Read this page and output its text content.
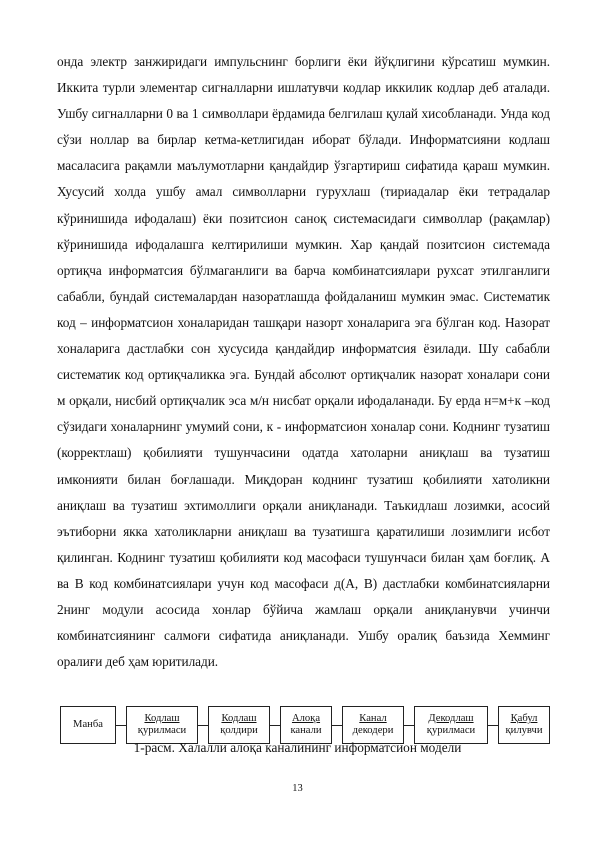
онда электр занжиридаги импульснинг борлиги ёки йўқлигини кўрсатиш мумкин. Иккита турли элементар сигналларни ишлатувчи кодлар иккилик кодлар деб аталади. Ушбу сигналларни 0 ва 1 символлари ёрдамида белгилаш қулай хисобланади. Унда код сўзи ноллар ва бирлар кетма-кетлигидан иборат бўлади. Информатсияни кодлаш масаласига рақамли маълумотларни қандайдир ўзгартириш сифатида қараш мумкин. Хусусий холда ушбу амал символларни гурухлаш (тириадалар ёки тетрадалар кўринишида ифодалаш) ёки позитсион саноқ системасидаги символлар (рақамлар) кўринишида ифодалашга келтирилиши мумкин. Хар қандай позитсион системада ортиқча информатсия бўлмаганлиги ва барча комбинатсиялари рухсат этилганлиги сабабли, бундай системалардан назоратлашда фойдаланиш мумкин эмас. Систематик код – информатсион хоналаридан ташқари назорт хоналарига эга бўлган код. Назорат хоналарига дастлабки сон хусусида қандайдир информатсия ёзилади. Шу сабабли систематик код ортиқчаликка эга. Бундай абсолют ортиқчалик назорат хоналари сони м орқали, нисбий ортиқчалик эса м/н нисбат орқали ифодаланади. Бу ерда н=м+к –код сўзидаги хоналарнинг умумий сони, к - информатсион хоналар сони. Коднинг тузатиш (корректлаш) қобилияти тушунчасини одатда хатоларни аниқлаш ва тузатиш имконияти билан боғлашади. Миқдоран коднинг тузатиш қобилияти хатоликни аниқлаш ва тузатиш эхтимоллиги орқали аниқланади. Таъкидлаш лозимки, асосий эътиборни якка хатоликларни аниқлаш ва тузатишга қаратилиши лозимлиги исбот қилинган. Коднинг тузатиш қобилияти код масофаси тушунчаси билан ҳам боғлиқ. А ва В код комбинатсиялари учун код масофаси д(А, В) дастлабки комбинатсияларни 2нинг модули асосида хонлар бўйича жамлаш орқали аниқланувчи учинчи комбинатсиянинг салмоғи сифатида аниқланади. Ушбу оралиқ баъзида Хемминг оралиғи деб ҳам юритилади.

Манба
Кодлаш
қурилмаси
Кодлаш
қолдири
Алоқа
канали
Канал
декодери
Декодлаш
қурилмаси
Қабул
қилувчи
1-расм. Халалли алоқа каналининг информатсион модели
13
